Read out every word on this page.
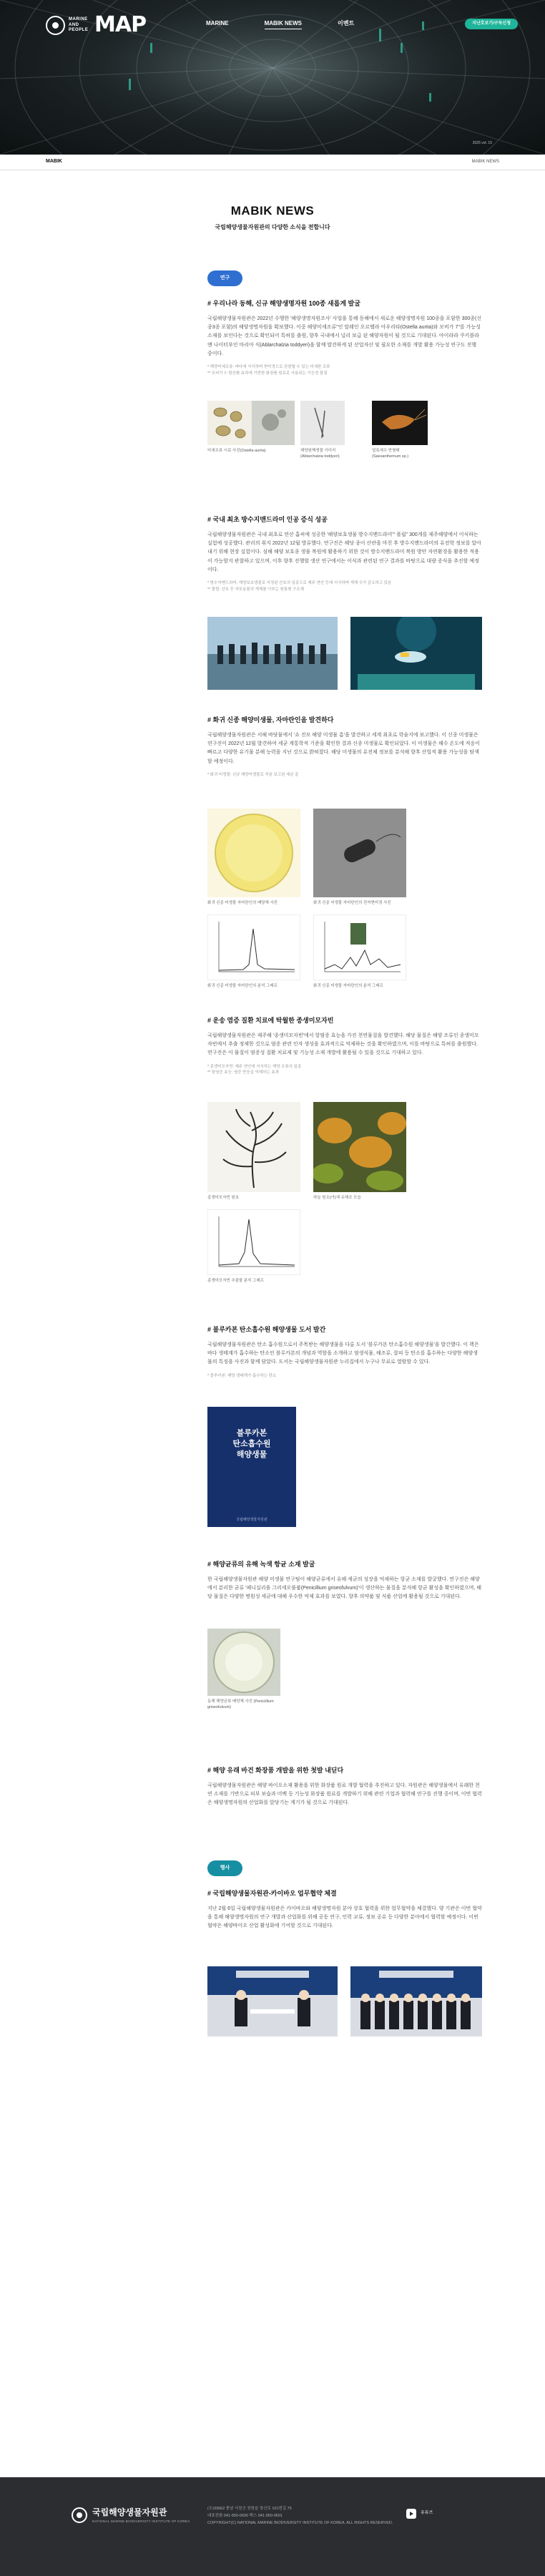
MARINE AND PEOPLE MAP	MARINE	MABIK NEWS	이벤트	지난호보기/구독신청
2025 vol. 15
MABIK	MABIK NEWS
MABIK NEWS
국립해양생물자원관의 다양한 소식을 전합니다
연구
# 우리나라 동해, 신규 해양생명자원 100종 새롭게 발굴

국립해양생물자원관은 2022년 수행한 '해양생명자원조사' 사업을 통해 동해에서 새로운 해양생명자원 100종을 포함한 300종(신종3종 포함)의 해양생명자원을 확보했다. 이중 해양미세조류"인 말레인 오르텔라 아우리타(Ostella aurita)와 모비가 7"를 가능성 소재를 보인다는 것으로 확인되어 특허를 출원, 향후 국내에서 널리 보급 된 해양자원이 될 것으로 기대된다. 아이라라 쿠키블라 앤 나이터부인 마리아 식(Ablarchalzia toddyeri)을 함께 발견하게 된 산업자산 및 필요한 소재를 개발 활용 가능성 연구도 진행 중이다.

* 해양미세조류: 바다에 서식하며 현미경으로 관찰할 수 있는 미세한 조류
** 모비가 7: 항산화 효과에 기반한 화장품 원료로 사용되는 기능성 물질
미세조류 시료 사진(Ostella aurita)	해양원핵생물 이미지(Ablarchalzia toddyeri)
얼룩새우 반형태 (Saesanthemum sp.)
# 국내 최초 방수지맨드라미 인공 증식 성공

국립해양생물자원관은 국내 최초로 연산 흡씨에 성공한 '해양보호생물 방수지맨드라미"' 폴립" 300개를 제주해양에서 이식하는 실험에 성공했다. 관리의 취지 2022년 12월 방류했다. 연구진은 해당 종이 산란을 마친 후 방수지맨드라미의 유전학 정보를 알아내기 위해 현장 실험이다. 심해 해양 보호종 생물 복원에 활용하기 위한 것이 방수지맨드라미 복원 방안 자연환경을 활용한 적용이 가능할지 관찰하고 있으며, 이후 향후 진행할 생산 연구에서는 이식과 관련된 연구 결과를 바탕으로 대량 증식을 추진할 예정이다.

* 방수지맨드라미: 해양보호생물로 지정된 산호의 일종으로 제주 연안 등에 서식하며 개체 수가 감소하고 있음
** 폴립: 산호 등 자포동물의 개체를 이루는 원통형 구조체
# 화귀 신종 해양미생물, 자마란인을 발견하다

국립해양생물자원관은 서해 바닷물에서 '쇼 진모 해양 미생물 흠'을 발견하고 세계 최초로 학술지에 보고했다. 이 신종 미생물은 연구진이 2022년 12월 발견하여 세균 계통학적 기준을 확인한 결과 신종 미생물로 확인되었다. 이 미생물은 해수 온도에 적응이 빠르고 다양한 유기물 분해 능력을 지닌 것으로 밝혀졌다. 해당 미생물의 유전체 정보를 분석해 향후 산업적 활용 가능성을 탐색할 예정이다.

* 화귀 미생물: 신규 해양미생물로 처음 보고된 세균 종
화귀 신종 미생물 자마란인의 배양체 사진	화귀 신종 미생물 자마란인의 전자현미경 사진
화귀 신종 미생물 자마란인의 분석 그래프	화귀 신종 미생물 자마란인의 분석 그래프
# 운송 염증 질환 치료에 탁월한 종생미모자빈

국립해양생물자원관은 제주해 '종생미모자빈'에서 항염증 효능을 가진 천연물질을 발견했다. 해당 물질은 해양 조류인 종생미모자빈에서 추출 정제한 것으로 염증 관련 인자 생성을 효과적으로 억제하는 것을 확인하였으며, 이를 바탕으로 특허를 출원했다. 연구진은 이 물질이 염증성 질환 치료제 및 기능성 소재 개발에 활용될 수 있을 것으로 기대하고 있다.

* 종생미모자빈: 제주 연안에 서식하는 해양 조류의 일종
** 항염증 효능: 염증 반응을 억제하는 효과
종생미모자빈 원초	하늘 원조(아)새 유해조 모습
종생미모자빈 추출물 분석 그래프
# 블루카본 탄소흡수원 해양생물 도서 발간

국립해양생물자원관은 탄소 흡수원으로서 주목받는 해양생물을 다룬 도서 '블루카본 탄소흡수원 해양생물'을 발간했다. 이 책은 바다 생태계가 흡수하는 탄소인 블루카본의 개념과 역할을 소개하고 염생식물, 해조류, 잘피 등 탄소를 흡수하는 다양한 해양생물의 특징을 사진과 함께 담았다. 도서는 국립해양생물자원관 누리집에서 누구나 무료로 열람할 수 있다.

* 블루카본: 해양 생태계가 흡수하는 탄소
블루카본
탄소흡수원
해양생물
국립해양생물자원관
# 해양균류의 유해 녹색 항균 소재 발굴

한 국립해양생물자원관 해양 미생물 연구팀이 해양균류에서 유해 세균의 성장을 억제하는 항균 소재를 발굴했다. 연구진은 해양에서 분리한 균류 '페니실리움 그리세오풀붐(Penicillium griseofulvum)'이 생산하는 물질을 분석해 항균 활성을 확인하였으며, 해당 물질은 다양한 병원성 세균에 대해 우수한 억제 효과를 보였다. 향후 의약품 및 식품 산업에 활용될 것으로 기대된다.

동해 해양균류 배양체 사진 (Penicillium griseofulvum)
# 해양 유래 바건 화장품 개발을 위한 첫발 내딛다

국립해양생물자원관은 해양 바이오소재 활용을 위한 화장품 원료 개발 협력을 추진하고 있다. 자원관은 해양생물에서 유래한 천연 소재를 기반으로 피부 보습과 미백 등 기능성 화장품 원료를 개발하기 위해 관련 기업과 협력해 연구를 진행 중이며, 이번 협력은 해양생명자원의 산업화를 앞당기는 계기가 될 것으로 기대된다.

행사
# 국립해양생물자원관-카이바오 업무협약 체결

지난 2월 6일 국립해양생물자원관은 카이바오와 해양생명자원 분야 상호 협력을 위한 업무협약을 체결했다. 양 기관은 이번 협약을 통해 해양생명자원의 연구 개발과 산업화를 위해 공동 연구, 인력 교류, 정보 공유 등 다양한 분야에서 협력할 예정이다. 이번 협약은 해양바이오 산업 활성화에 기여할 것으로 기대된다.

국립해양생물자원관
NATIONAL MARINE BIODIVERSITY INSTITUTE OF KOREA
(우)33662 충남 서천군 장항읍 장산로 101번길 75
대표전화 041-950-0600 팩스 041-950-0601
COPYRIGHT(C) NATIONAL MARINE BIODIVERSITY INSTITUTE OF KOREA. ALL RIGHTS RESERVED.
유튜브
